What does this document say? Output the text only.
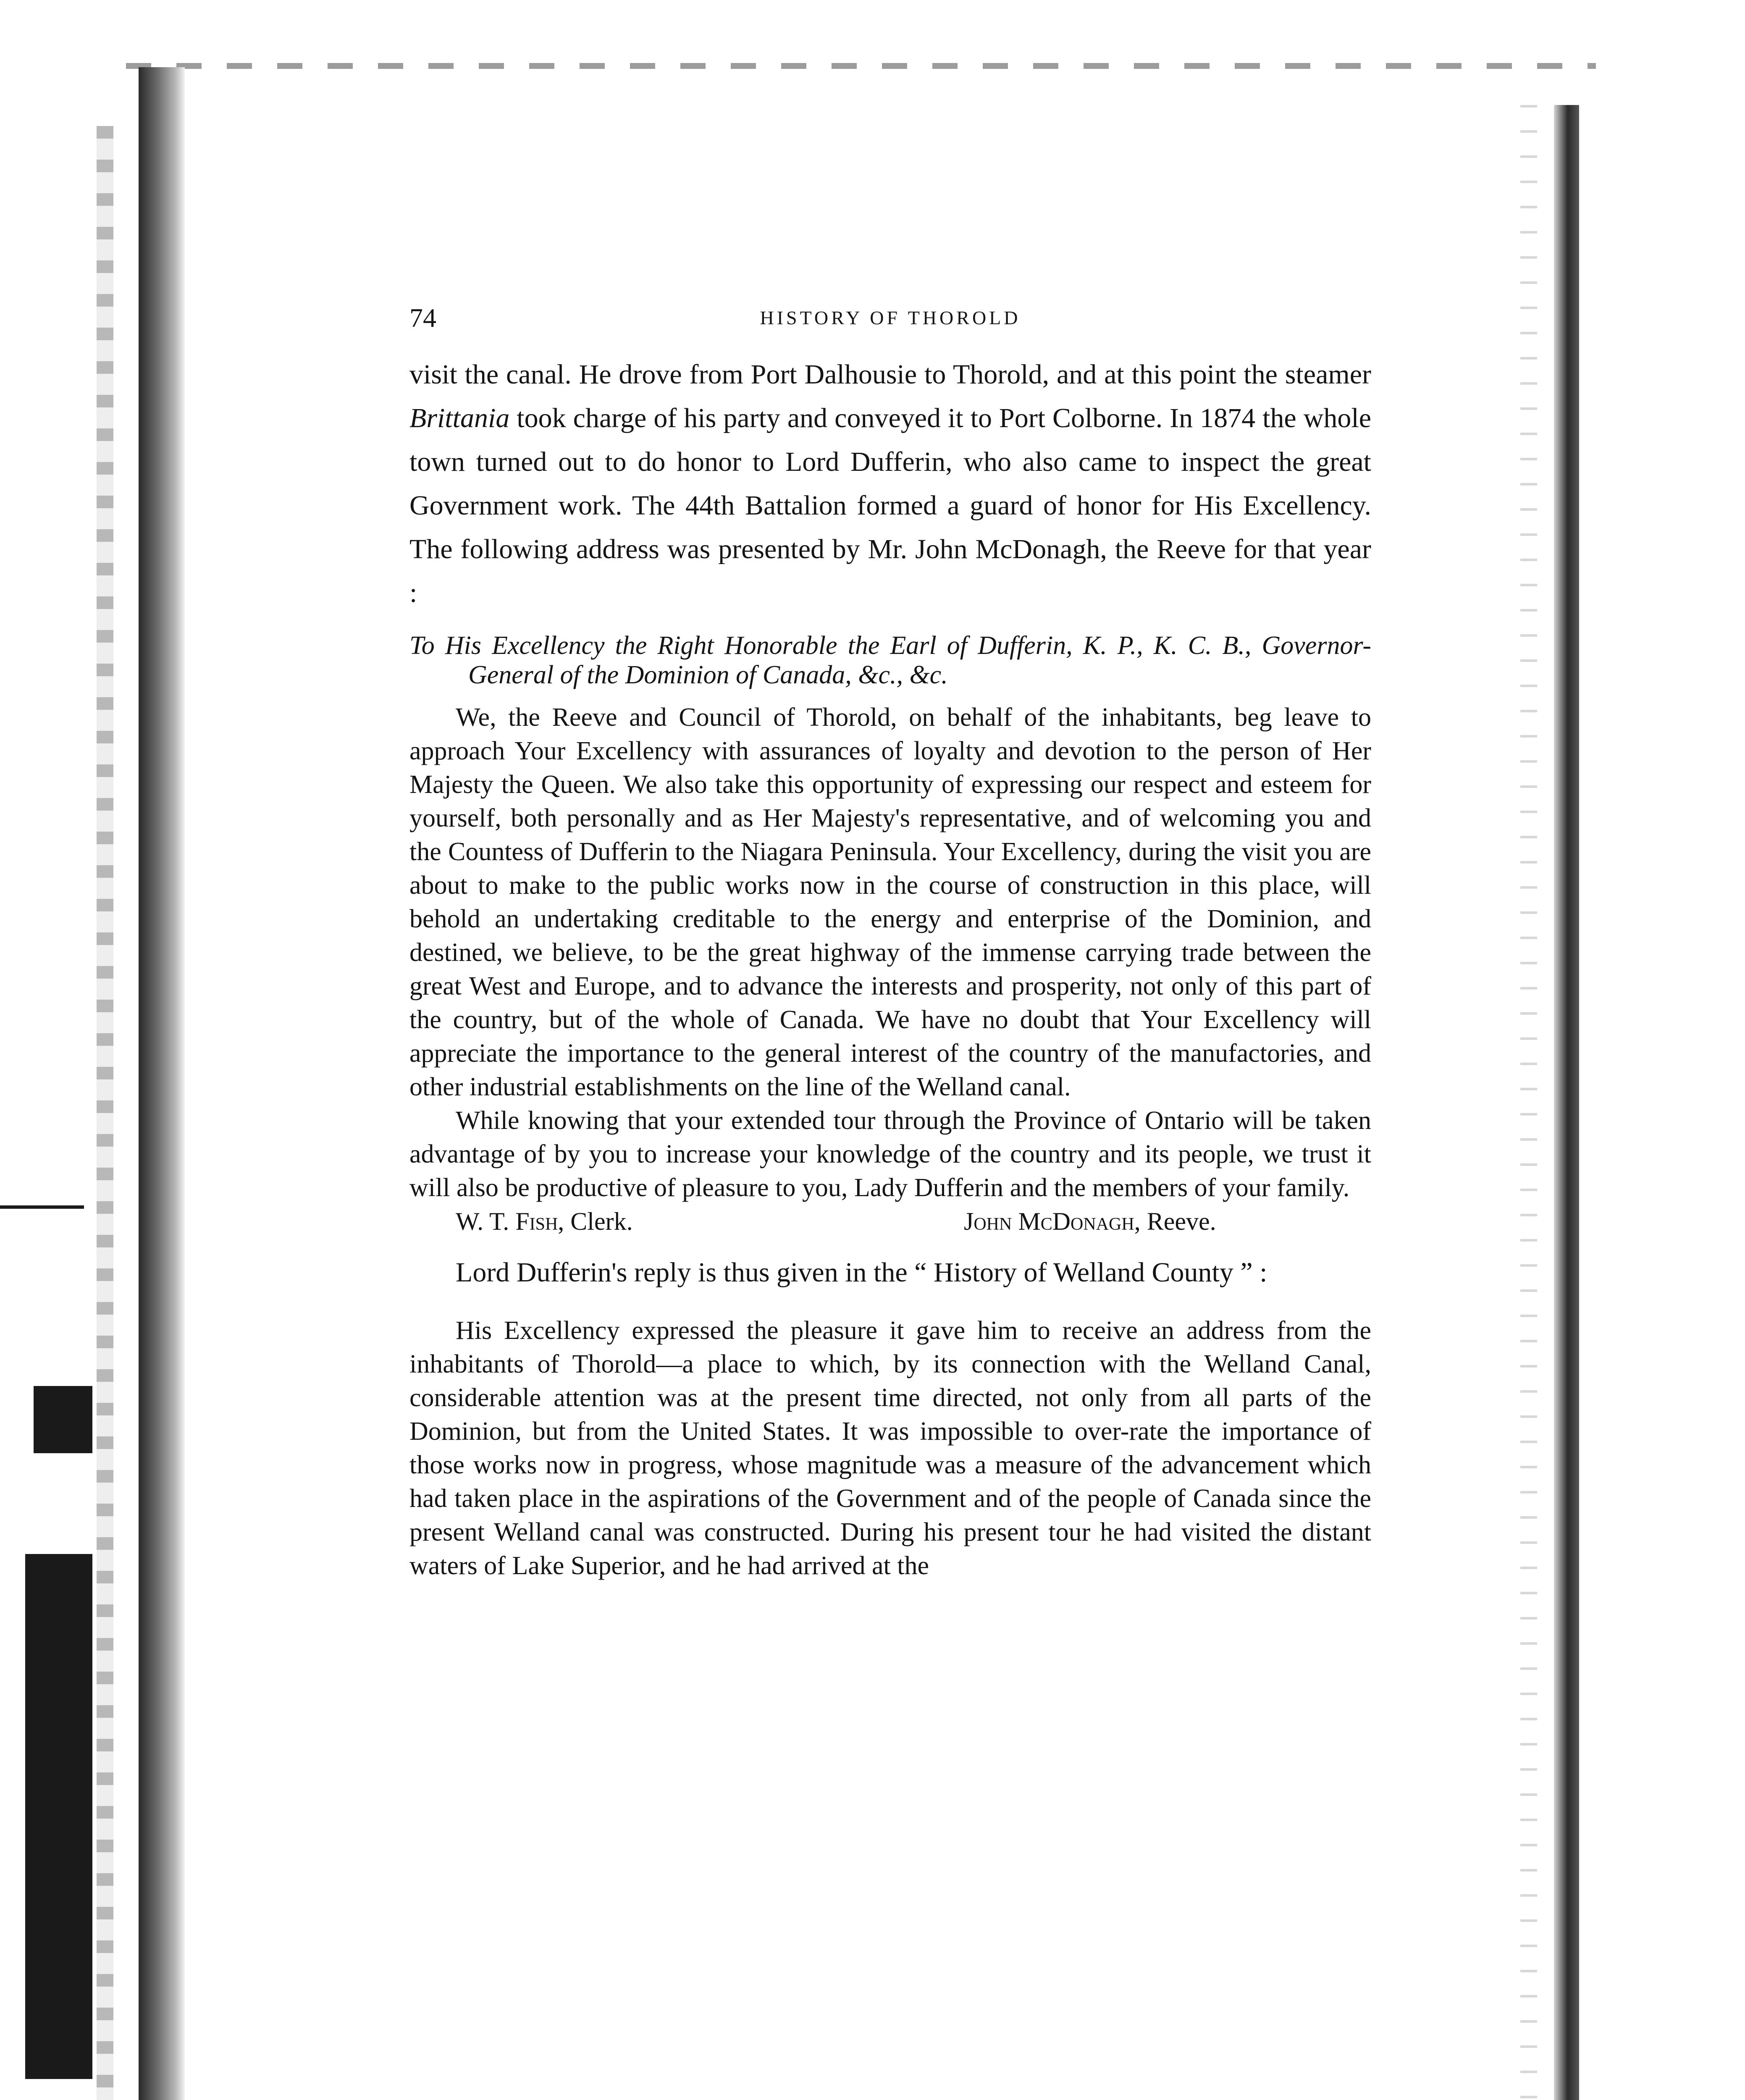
74	HISTORY OF THOROLD

visit the canal. He drove from Port Dalhousie to Thorold, and at this point the steamer Brittania took charge of his party and conveyed it to Port Colborne. In 1874 the whole town turned out to do honor to Lord Dufferin, who also came to inspect the great Government work. The 44th Battalion formed a guard of honor for His Excellency. The following address was presented by Mr. John McDonagh, the Reeve for that year :

To His Excellency the Right Honorable the Earl of Dufferin, K. P., K. C. B., Governor-General of the Dominion of Canada, &c., &c.

We, the Reeve and Council of Thorold, on behalf of the inhabitants, beg leave to approach Your Excellency with assurances of loyalty and devotion to the person of Her Majesty the Queen. We also take this opportunity of expressing our respect and esteem for yourself, both personally and as Her Majesty's representative, and of welcoming you and the Countess of Dufferin to the Niagara Peninsula. Your Excellency, during the visit you are about to make to the public works now in the course of construction in this place, will behold an undertaking creditable to the energy and enterprise of the Dominion, and destined, we believe, to be the great highway of the immense carrying trade between the great West and Europe, and to advance the interests and prosperity, not only of this part of the country, but of the whole of Canada. We have no doubt that Your Excellency will appreciate the importance to the general interest of the country of the manufactories, and other industrial establishments on the line of the Welland canal.

While knowing that your extended tour through the Province of Ontario will be taken advantage of by you to increase your knowledge of the country and its people, we trust it will also be productive of pleasure to you, Lady Dufferin and the members of your family.

W. T. Fish, Clerk.	John McDonagh, Reeve.

Lord Dufferin's reply is thus given in the “ History of Welland County ” :

His Excellency expressed the pleasure it gave him to receive an address from the inhabitants of Thorold—a place to which, by its connection with the Welland Canal, considerable attention was at the present time directed, not only from all parts of the Dominion, but from the United States. It was impossible to over-rate the importance of those works now in progress, whose magnitude was a measure of the advancement which had taken place in the aspirations of the Government and of the people of Canada since the present Welland canal was constructed. During his present tour he had visited the distant waters of Lake Superior, and he had arrived at the
